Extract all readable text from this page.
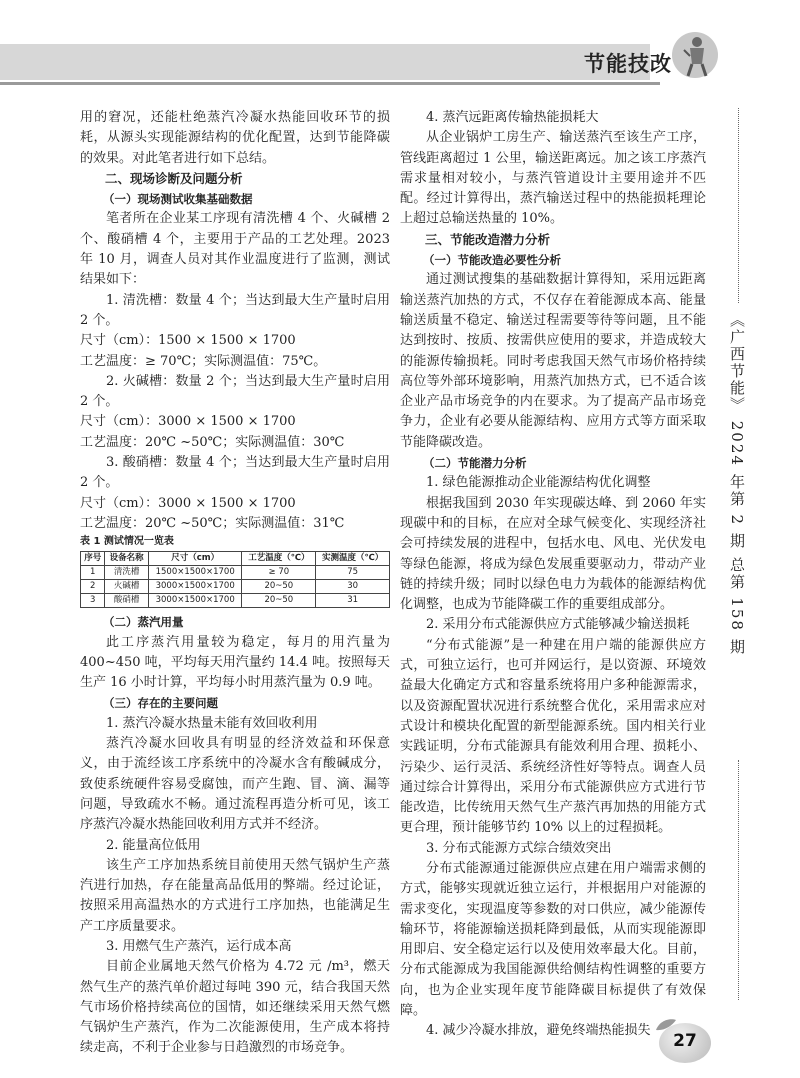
节能技改

用的窘况，还能杜绝蒸汽冷凝水热能回收环节的损耗，从源头实现能源结构的优化配置，达到节能降碳的效果。对此笔者进行如下总结。

二、现场诊断及问题分析

（一）现场测试收集基础数据

笔者所在企业某工序现有清洗槽 4 个、火碱槽 2 个、酸硝槽 4 个，主要用于产品的工艺处理。2023 年 10 月，调查人员对其作业温度进行了监测，测试结果如下：

1. 清洗槽：数量 4 个；当达到最大生产量时启用 2 个。

尺寸（cm）：1500 × 1500 × 1700

工艺温度：≥ 70℃；实际测温值：75℃。

2. 火碱槽：数量 2 个；当达到最大生产量时启用 2 个。

尺寸（cm）：3000 × 1500 × 1700

工艺温度：20℃ ~50℃；实际测温值：30℃

3. 酸硝槽：数量 4 个；当达到最大生产量时启用 2 个。

尺寸（cm）：3000 × 1500 × 1700

工艺温度：20℃ ~50℃；实际测温值：31℃

表 1 测试情况一览表

序号	设备名称	尺寸（cm）	工艺温度（℃）	实测温度（℃）
1	清洗槽	1500×1500×1700	≥ 70	75
2	火碱槽	3000×1500×1700	20~50	30
3	酸硝槽	3000×1500×1700	20~50	31

（二）蒸汽用量

此工序蒸汽用量较为稳定，每月的用汽量为 400~450 吨，平均每天用汽量约 14.4 吨。按照每天生产 16 小时计算，平均每小时用蒸汽量为 0.9 吨。

（三）存在的主要问题

1. 蒸汽冷凝水热量未能有效回收利用

蒸汽冷凝水回收具有明显的经济效益和环保意义，由于流经该工序系统中的冷凝水含有酸碱成分，致使系统硬件容易受腐蚀，而产生跑、冒、滴、漏等问题，导致疏水不畅。通过流程再造分析可见，该工序蒸汽冷凝水热能回收利用方式并不经济。

2. 能量高位低用

该生产工序加热系统目前使用天然气锅炉生产蒸汽进行加热，存在能量高品低用的弊端。经过论证，按照采用高温热水的方式进行工序加热，也能满足生产工序质量要求。

3. 用燃气生产蒸汽，运行成本高

目前企业属地天然气价格为 4.72 元 /m³，燃天然气生产的蒸汽单价超过每吨 390 元，结合我国天然气市场价格持续高位的国情，如还继续采用天然气燃气锅炉生产蒸汽，作为二次能源使用，生产成本将持续走高，不利于企业参与日趋激烈的市场竞争。

4. 蒸汽远距离传输热能损耗大

从企业锅炉工房生产、输送蒸汽至该生产工序，管线距离超过 1 公里，输送距离远。加之该工序蒸汽需求量相对较小，与蒸汽管道设计主要用途并不匹配。经过计算得出，蒸汽输送过程中的热能损耗理论上超过总输送热量的 10%。

三、节能改造潜力分析

（一）节能改造必要性分析

通过测试搜集的基础数据计算得知，采用远距离输送蒸汽加热的方式，不仅存在着能源成本高、能量输送质量不稳定、输送过程需要等待等问题，且不能达到按时、按质、按需供应使用的要求，并造成较大的能源传输损耗。同时考虑我国天然气市场价格持续高位等外部环境影响，用蒸汽加热方式，已不适合该企业产品市场竞争的内在要求。为了提高产品市场竞争力，企业有必要从能源结构、应用方式等方面采取节能降碳改造。

（二）节能潜力分析

1. 绿色能源推动企业能源结构优化调整

根据我国到 2030 年实现碳达峰、到 2060 年实现碳中和的目标，在应对全球气候变化、实现经济社会可持续发展的进程中，包括水电、风电、光伏发电等绿色能源，将成为绿色发展重要驱动力，带动产业链的持续升级；同时以绿色电力为载体的能源结构优化调整，也成为节能降碳工作的重要组成部分。

2. 采用分布式能源供应方式能够减少输送损耗

“分布式能源”是一种建在用户端的能源供应方式，可独立运行，也可并网运行，是以资源、环境效益最大化确定方式和容量系统将用户多种能源需求，以及资源配置状况进行系统整合优化，采用需求应对式设计和模块化配置的新型能源系统。国内相关行业实践证明，分布式能源具有能效利用合理、损耗小、污染少、运行灵活、系统经济性好等特点。调查人员通过综合计算得出，采用分布式能源供应方式进行节能改造，比传统用天然气生产蒸汽再加热的用能方式更合理，预计能够节约 10% 以上的过程损耗。

3. 分布式能源方式综合绩效突出

分布式能源通过能源供应点建在用户端需求侧的方式，能够实现就近独立运行，并根据用户对能源的需求变化，实现温度等参数的对口供应，减少能源传输环节，将能源输送损耗降到最低，从而实现能源即用即启、安全稳定运行以及使用效率最大化。目前，分布式能源成为我国能源供给侧结构性调整的重要方向，也为企业实现年度节能降碳目标提供了有效保障。

4. 减少冷凝水排放，避免终端热能损失

《广西节能》 2024 年第 2 期 总第 158 期
27
